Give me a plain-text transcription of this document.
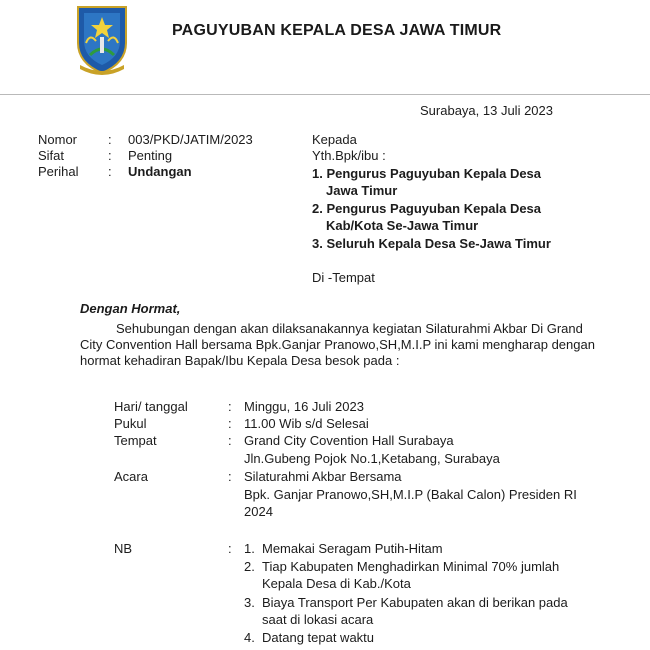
PAGUYUBAN KEPALA DESA JAWA TIMUR
Surabaya, 13 Juli 2023
Nomor : 003/PKD/JATIM/2023
Sifat	: Penting
Perihal : Undangan
Kepada
Yth.Bpk/ibu :
1. Pengurus Paguyuban Kepala Desa
Jawa Timur
2. Pengurus Paguyuban Kepala Desa
Kab/Kota Se-Jawa Timur
3. Seluruh Kepala Desa Se-Jawa Timur
Di -Tempat
Dengan Hormat,
Sehubungan dengan akan dilaksanakannya kegiatan Silaturahmi Akbar Di Grand
City Convention Hall bersama Bpk.Ganjar Pranowo,SH,M.I.P ini kami mengharap dengan
hormat kehadiran Bapak/Ibu Kepala Desa besok pada :
Hari/ tanggal	: Minggu, 16 Juli 2023
Pukul	: 11.00 Wib s/d Selesai
Tempat	: Grand City Covention Hall Surabaya
Jln.Gubeng Pojok No.1,Ketabang, Surabaya
Acara	: Silaturahmi Akbar Bersama
Bpk. Ganjar Pranowo,SH,M.I.P (Bakal Calon) Presiden RI
2024
NB	: 1. Memakai Seragam Putih-Hitam
2. Tiap Kabupaten Menghadirkan Minimal 70% jumlah
Kepala Desa di Kab./Kota
3. Biaya Transport Per Kabupaten akan di berikan pada
saat di lokasi acara
4. Datang tepat waktu
